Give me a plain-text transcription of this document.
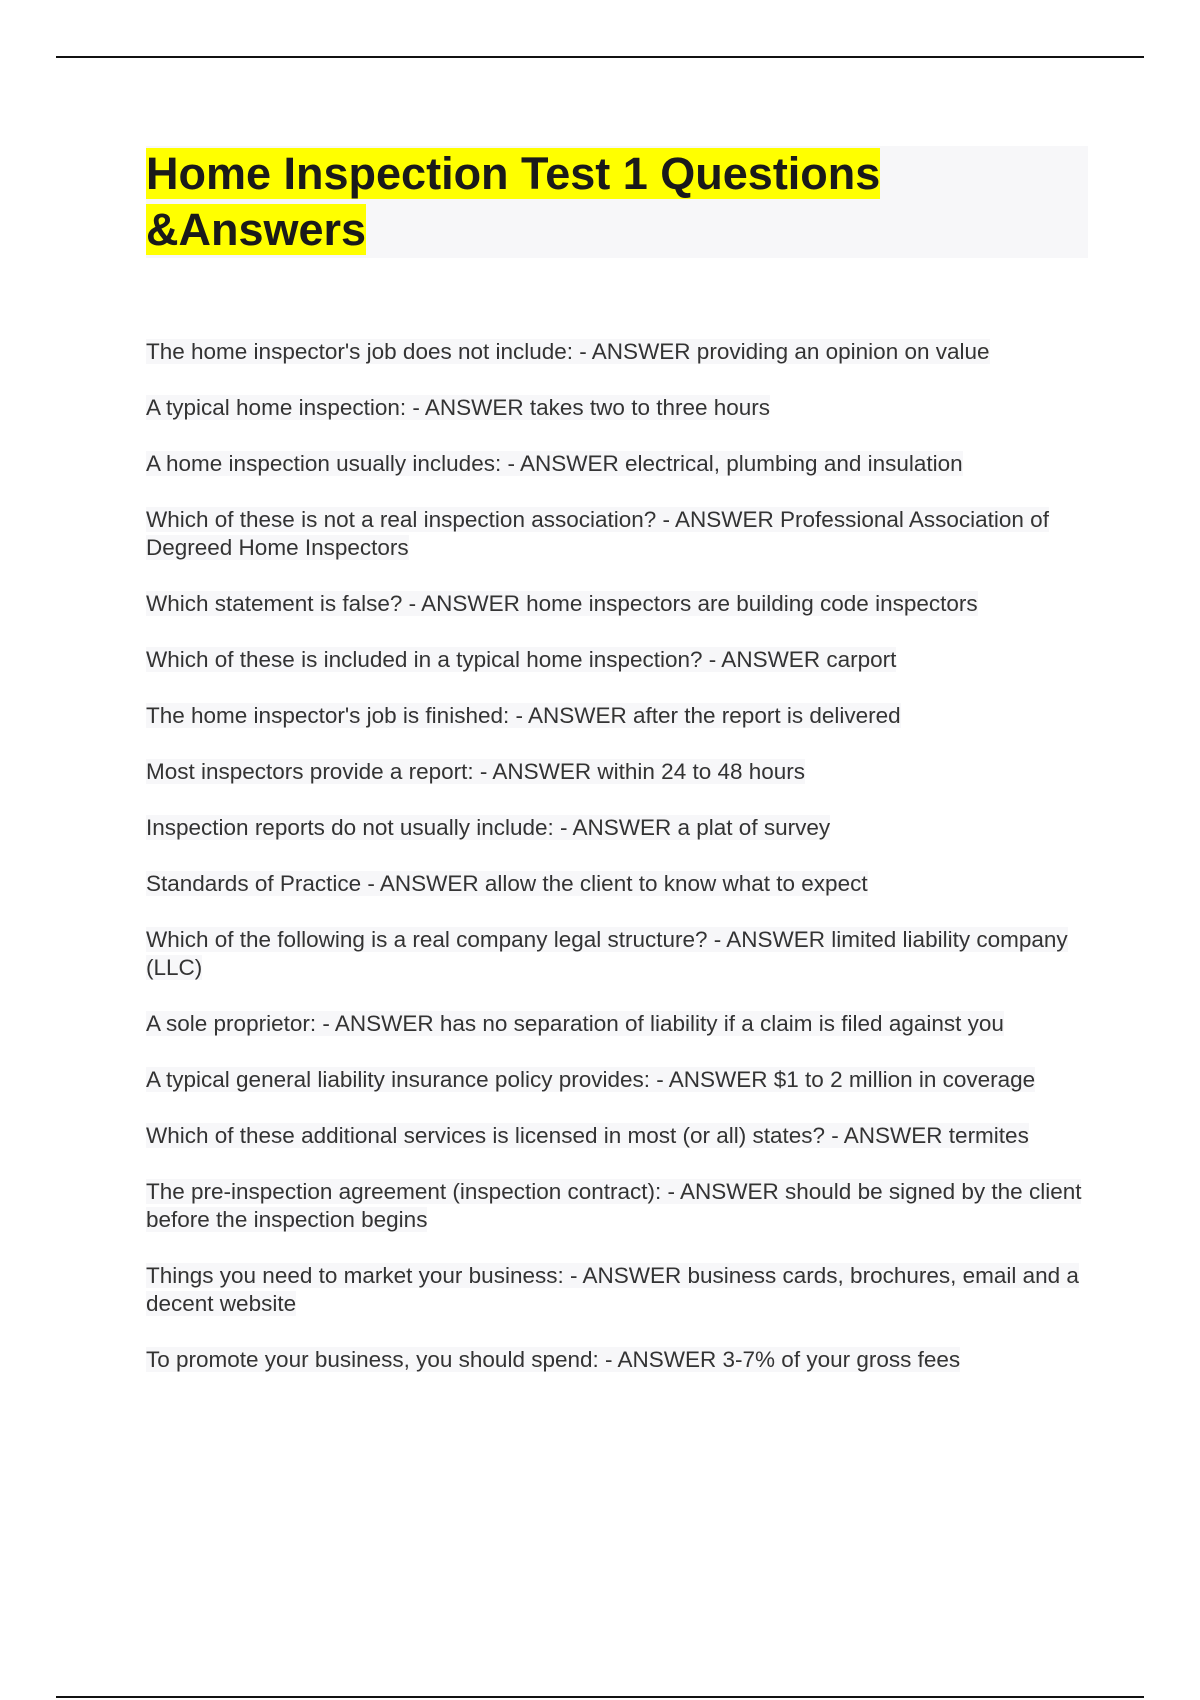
Home Inspection Test 1 Questions
&Answers

The home inspector's job does not include: - ANSWER providing an opinion on value

A typical home inspection: - ANSWER takes two to three hours

A home inspection usually includes: - ANSWER electrical, plumbing and insulation

Which of these is not a real inspection association? - ANSWER Professional Association of Degreed Home Inspectors

Which statement is false? - ANSWER home inspectors are building code inspectors

Which of these is included in a typical home inspection? - ANSWER carport

The home inspector's job is finished: - ANSWER after the report is delivered

Most inspectors provide a report: - ANSWER within 24 to 48 hours

Inspection reports do not usually include: - ANSWER a plat of survey

Standards of Practice - ANSWER allow the client to know what to expect

Which of the following is a real company legal structure? - ANSWER limited liability company (LLC)

A sole proprietor: - ANSWER has no separation of liability if a claim is filed against you

A typical general liability insurance policy provides: - ANSWER $1 to 2 million in coverage

Which of these additional services is licensed in most (or all) states? - ANSWER termites

The pre-inspection agreement (inspection contract): - ANSWER should be signed by the client before the inspection begins

Things you need to market your business: - ANSWER business cards, brochures, email and a decent website

To promote your business, you should spend: - ANSWER 3-7% of your gross fees
